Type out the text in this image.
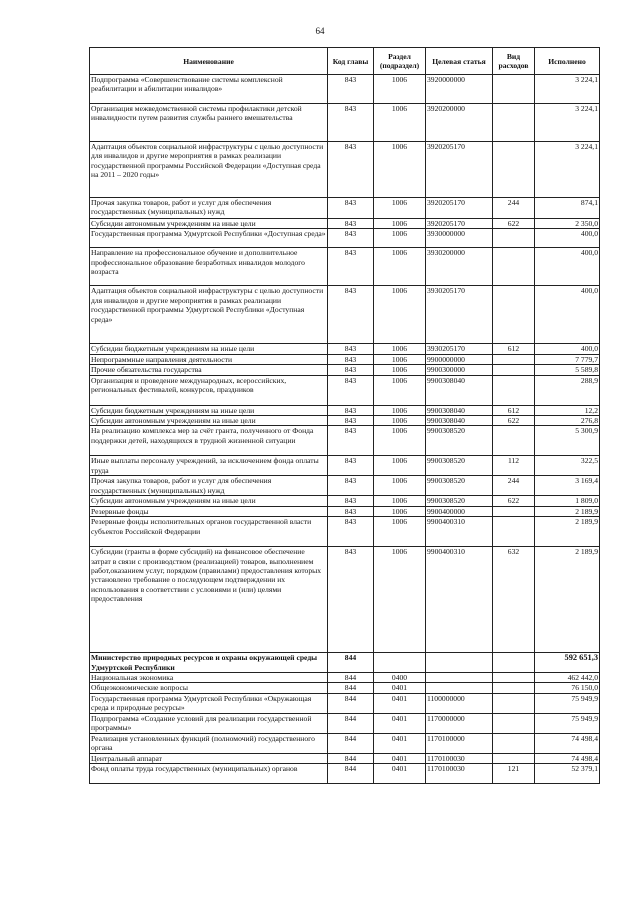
64
Наименование	Код главы	Раздел (подраздел)	Целевая статья	Вид расходов	Исполнено
Подпрограмма «Совершенствование системы комплексной реабилитации и абилитации инвалидов»	843	1006	3920000000		3 224,1
Организация межведомственной системы профилактики детской инвалидности путем развития службы раннего вмешательства	843	1006	3920200000		3 224,1
Адаптация объектов социальной инфраструктуры с целью доступности для инвалидов и другие мероприятия в рамках реализации государственной программы Российской Федерации «Доступная среда на 2011 – 2020 годы»	843	1006	3920205170		3 224,1
Прочая закупка товаров, работ и услуг для обеспечения государственных (муниципальных) нужд	843	1006	3920205170	244	874,1
Субсидии автономным учреждениям на иные цели	843	1006	3920205170	622	2 350,0
Государственная программа Удмуртской Республики «Доступная среда»	843	1006	3930000000		400,0
Направление на профессиональное обучение и дополнительное профессиональное образование безработных инвалидов молодого возраста	843	1006	3930200000		400,0
Адаптация объектов социальной инфраструктуры с целью доступности для инвалидов и другие мероприятия в рамках реализации государственной программы Удмуртской Республики «Доступная среда»	843	1006	3930205170		400,0
Субсидии бюджетным учреждениям на иные цели	843	1006	3930205170	612	400,0
Непрограммные направления деятельности	843	1006	9900000000		7 779,7
Прочие обязательства государства	843	1006	9900300000		5 589,8
Организация и проведение международных, всероссийских, региональных фестивалей, конкурсов, праздников	843	1006	9900308040		288,9
Субсидии бюджетным учреждениям на иные цели	843	1006	9900308040	612	12,2
Субсидии автономным учреждениям на иные цели	843	1006	9900308040	622	276,8
На реализацию комплекса мер за счёт гранта, полученного от Фонда поддержки детей, находящихся в трудной жизненной ситуации	843	1006	9900308520		5 300,9
Иные выплаты персоналу учреждений, за исключением фонда оплаты труда	843	1006	9900308520	112	322,5
Прочая закупка товаров, работ и услуг для обеспечения государственных (муниципальных) нужд	843	1006	9900308520	244	3 169,4
Субсидии автономным учреждениям на иные цели	843	1006	9900308520	622	1 809,0
Резервные фонды	843	1006	9900400000		2 189,9
Резервные фонды исполнительных органов государственной власти субъектов Российской Федерации	843	1006	9900400310		2 189,9
Субсидии (гранты в форме субсидий) на финансовое обеспечение затрат в связи с производством (реализацией) товаров, выполнением работ,оказанием услуг, порядком (правилами) предоставления которых установлено требование о последующем подтверждении их использования в соответствии с условиями и (или) целями предоставления	843	1006	9900400310	632	2 189,9
Министерство природных ресурсов и охраны окружающей среды Удмуртской Республики	844				592 651,3
Национальная экономика	844	0400			462 442,0
Общеэкономические вопросы	844	0401			76 150,0
Государственная программа Удмуртской Республики «Окружающая среда и природные ресурсы»	844	0401	1100000000		75 949,9
Подпрограмма «Создание условий для реализации государственной программы»	844	0401	1170000000		75 949,9
Реализация установленных функций (полномочий) государственного органа	844	0401	1170100000		74 498,4
Центральный аппарат	844	0401	1170100030		74 498,4
Фонд оплаты труда государственных (муниципальных) органов	844	0401	1170100030	121	52 379,1
